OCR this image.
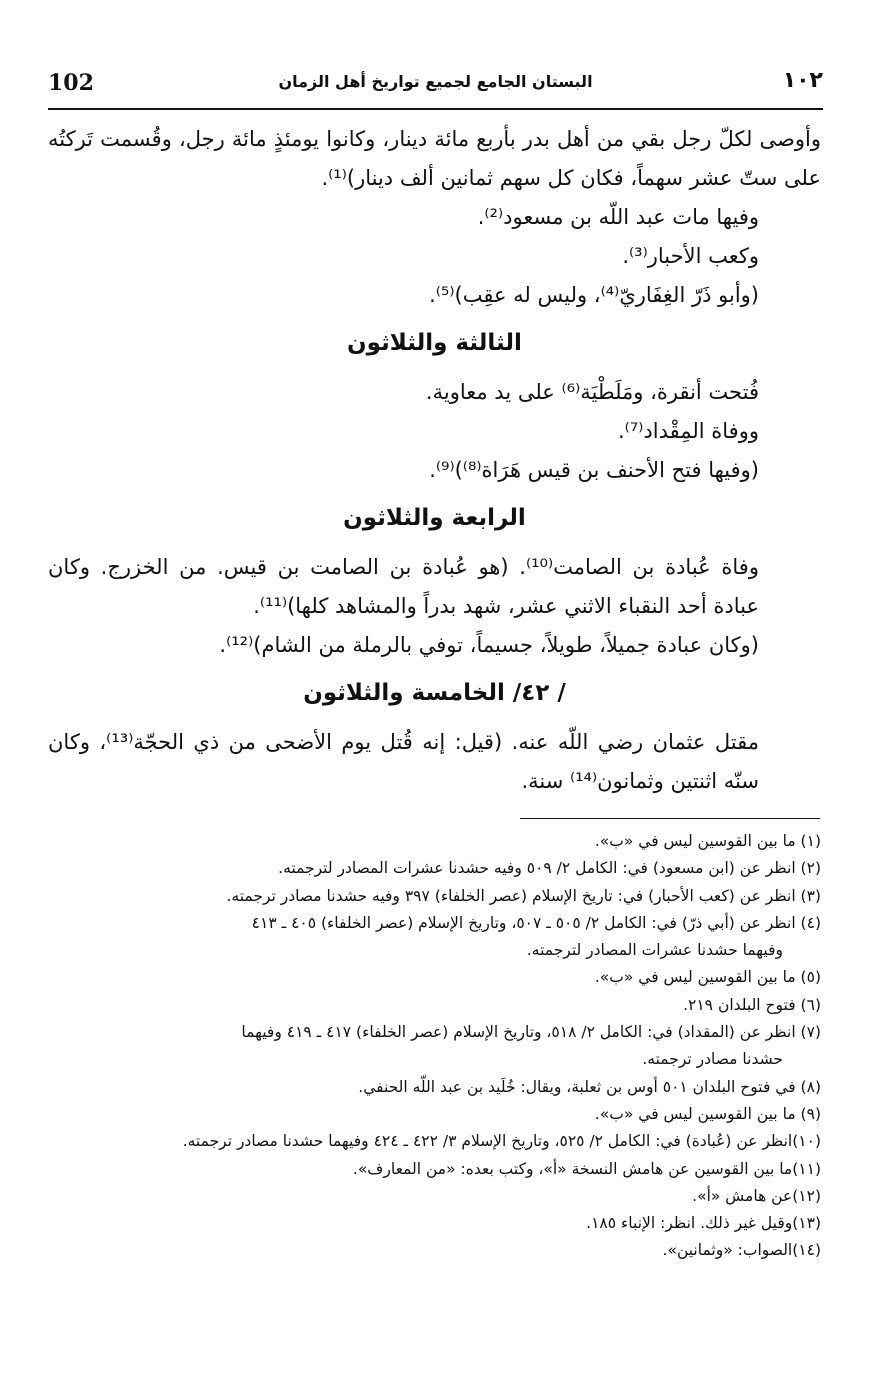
102	البستان الجامع لجميع تواريخ أهل الزمان	١٠٢

وأوصى لكلّ رجل بقي من أهل بدر بأربع مائة دينار، وكانوا يومئذٍ مائة رجل، وقُسمت تَركتُه على ستّ عشر سهماً، فكان كل سهم ثمانين ألف دينار)⁽¹⁾.

وفيها مات عبد اللّه بن مسعود⁽²⁾.

وكعب الأحبار⁽³⁾.

(وأبو ذَرّ الغِفَاريّ⁽⁴⁾، وليس له عقِب)⁽⁵⁾.

الثالثة والثلاثون

فُتحت أنقرة، ومَلَطْيَة⁽⁶⁾ على يد معاوية.

ووفاة المِقْداد⁽⁷⁾.

(وفيها فتح الأحنف بن قيس هَرَاة⁽⁸⁾)⁽⁹⁾.

الرابعة والثلاثون

وفاة عُبادة بن الصامت⁽¹⁰⁾. (هو عُبادة بن الصامت بن قيس. من الخزرج. وكان عبادة أحد النقباء الاثني عشر، شهد بدراً والمشاهد كلها)⁽¹¹⁾.

(وكان عبادة جميلاً، طويلاً، جسيماً، توفي بالرملة من الشام)⁽¹²⁾.

/ ٤٢/ الخامسة والثلاثون

مقتل عثمان رضي اللّه عنه. (قيل: إنه قُتل يوم الأضحى من ذي الحجّة⁽¹³⁾، وكان سنّه اثنتين وثمانون⁽¹⁴⁾ سنة.

(١) ما بين القوسين ليس في «ب».

(٢) انظر عن (ابن مسعود) في: الكامل ٢/ ٥٠٩ وفيه حشدنا عشرات المصادر لترجمته.

(٣) انظر عن (كعب الأحبار) في: تاريخ الإسلام (عصر الخلفاء) ٣٩٧ وفيه حشدنا مصادر ترجمته.

(٤) انظر عن (أبي ذرّ) في: الكامل ٢/ ٥٠٥ ـ ٥٠٧، وتاريخ الإسلام (عصر الخلفاء) ٤٠٥ ـ ٤١٣

وفيهما حشدنا عشرات المصادر لترجمته.

(٥) ما بين القوسين ليس في «ب».

(٦) فتوح البلدان ٢١٩.

(٧) انظر عن (المقداد) في: الكامل ٢/ ٥١٨، وتاريخ الإسلام (عصر الخلفاء) ٤١٧ ـ ٤١٩ وفيهما

حشدنا مصادر ترجمته.

(٨) في فتوح البلدان ٥٠١ أوس بن ثعلبة، ويقال: خُلَيد بن عبد اللّه الحنفي.

(٩) ما بين القوسين ليس في «ب».

(١٠)انظر عن (عُبادة) في: الكامل ٢/ ٥٢٥، وتاريخ الإسلام ٣/ ٤٢٢ ـ ٤٢٤ وفيهما حشدنا مصادر ترجمته.

(١١)ما بين القوسين عن هامش النسخة «أ»، وكتب بعده: «من المعارف».

(١٢)عن هامش «أ».

(١٣)وقيل غير ذلك. انظر: الإنباء ١٨٥.

(١٤)الصواب: «وثمانين».
